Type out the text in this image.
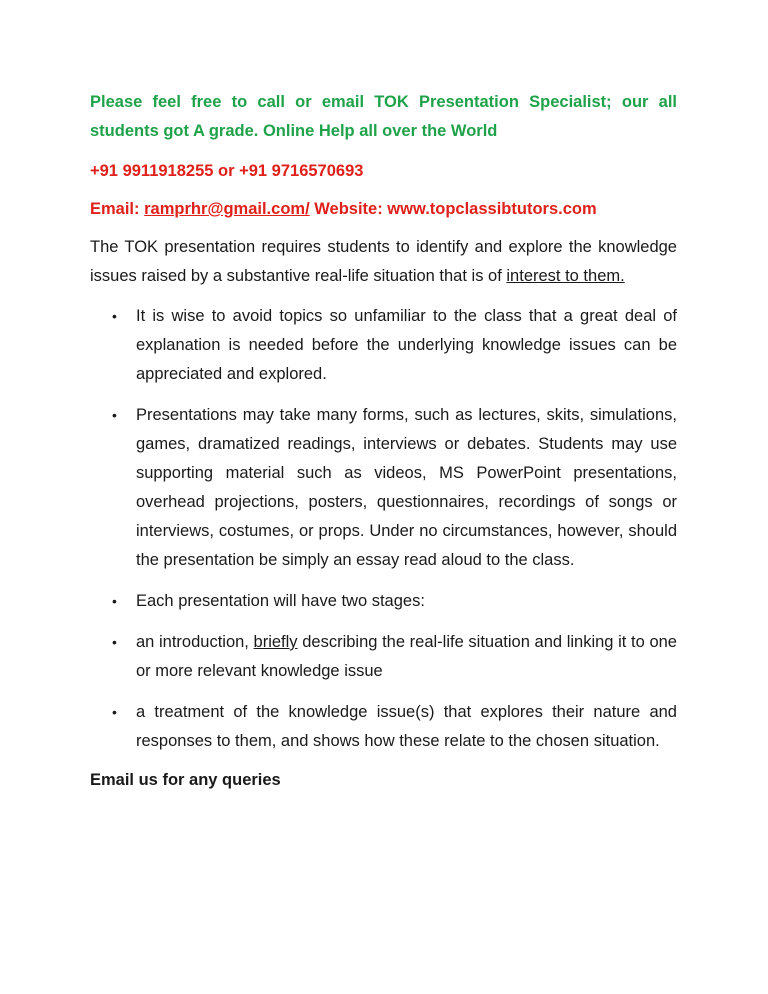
Please feel free to call or email TOK Presentation Specialist; our all students got A grade. Online Help all over the World

+91 9911918255 or +91 9716570693

Email: ramprhr@gmail.com/ Website: www.topclassibtutors.com

The TOK presentation requires students to identify and explore the knowledge issues raised by a substantive real-life situation that is of interest to them.

• It is wise to avoid topics so unfamiliar to the class that a great deal of explanation is needed before the underlying knowledge issues can be appreciated and explored.
• Presentations may take many forms, such as lectures, skits, simulations, games, dramatized readings, interviews or debates. Students may use supporting material such as videos, MS PowerPoint presentations, overhead projections, posters, questionnaires, recordings of songs or interviews, costumes, or props. Under no circumstances, however, should the presentation be simply an essay read aloud to the class.
• Each presentation will have two stages:
• an introduction, briefly describing the real-life situation and linking it to one or more relevant knowledge issue
• a treatment of the knowledge issue(s) that explores their nature and responses to them, and shows how these relate to the chosen situation.

Email us for any queries
